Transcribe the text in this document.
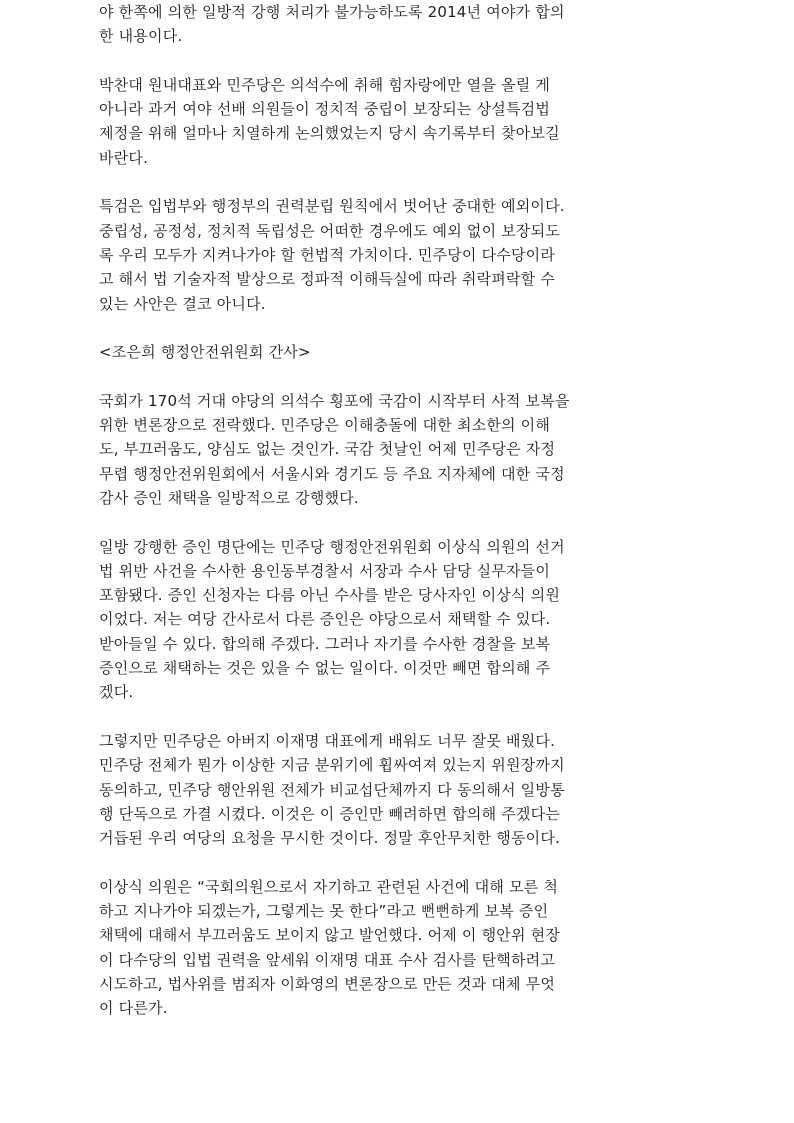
야 한쪽에 의한 일방적 강행 처리가 불가능하도록 2014년 여야가 합의
한 내용이다.
박찬대 원내대표와 민주당은 의석수에 취해 힘자랑에만 열을 올릴 게
아니라 과거 여야 선배 의원들이 정치적 중립이 보장되는 상설특검법
제정을 위해 얼마나 치열하게 논의했었는지 당시 속기록부터 찾아보길
바란다.
특검은 입법부와 행정부의 권력분립 원칙에서 벗어난 중대한 예외이다.
중립성, 공정성, 정치적 독립성은 어떠한 경우에도 예외 없이 보장되도
록 우리 모두가 지켜나가야 할 헌법적 가치이다. 민주당이 다수당이라
고 해서 법 기술자적 발상으로 정파적 이해득실에 따라 취락펴락할 수
있는 사안은 결코 아니다.
<조은희 행정안전위원회 간사>
국회가 170석 거대 야당의 의석수 횡포에 국감이 시작부터 사적 보복을
위한 변론장으로 전락했다. 민주당은 이해충돌에 대한 최소한의 이해
도, 부끄러움도, 양심도 없는 것인가. 국감 첫날인 어제 민주당은 자정
무렵 행정안전위원회에서 서울시와 경기도 등 주요 지자체에 대한 국정
감사 증인 채택을 일방적으로 강행했다.
일방 강행한 증인 명단에는 민주당 행정안전위원회 이상식 의원의 선거
법 위반 사건을 수사한 용인동부경찰서 서장과 수사 담당 실무자들이
포함됐다. 증인 신청자는 다름 아닌 수사를 받은 당사자인 이상식 의원
이었다. 저는 여당 간사로서 다른 증인은 야당으로서 채택할 수 있다.
받아들일 수 있다. 합의해 주겠다. 그러나 자기를 수사한 경찰을 보복
증인으로 채택하는 것은 있을 수 없는 일이다. 이것만 빼면 합의해 주
겠다.
그렇지만 민주당은 아버지 이재명 대표에게 배워도 너무 잘못 배웠다.
민주당 전체가 뭔가 이상한 지금 분위기에 휩싸여져 있는지 위원장까지
동의하고, 민주당 행안위원 전체가 비교섭단체까지 다 동의해서 일방통
행 단독으로 가결 시켰다. 이것은 이 증인만 빼려하면 합의해 주겠다는
거듭된 우리 여당의 요청을 무시한 것이다. 정말 후안무치한 행동이다.
이상식 의원은 “국회의원으로서 자기하고 관련된 사건에 대해 모른 척
하고 지나가야 되겠는가, 그렇게는 못 한다”라고 뻔뻔하게 보복 증인
채택에 대해서 부끄러움도 보이지 않고 발언했다. 어제 이 행안위 현장
이 다수당의 입법 권력을 앞세워 이재명 대표 수사 검사를 탄핵하려고
시도하고, 법사위를 범죄자 이화영의 변론장으로 만든 것과 대체 무엇
이 다른가.
